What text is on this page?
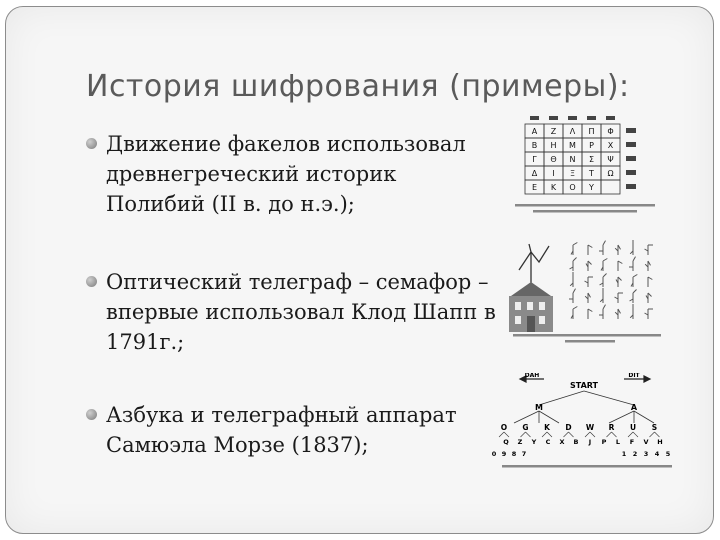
История шифрования (примеры):
Движение факелов использовал древнегреческий историк Полибий (II в. до н.э.);
Оптический телеграф – семафор – впервые использовал Клод Шапп в 1791г.;
Азбука и телеграфный аппарат Самюэла Морзе (1837);
Α Ζ Λ Π Φ
Β Η Μ Ρ Χ
Γ Θ Ν Σ Ψ
Δ Ι Ξ Τ Ω
Ε Κ Ο Υ
DAH	DIT
START
M	A
O G K D W R U S
Q Z Y C X B J P L F V H
0 9 8 7	1 2 3 4 5
